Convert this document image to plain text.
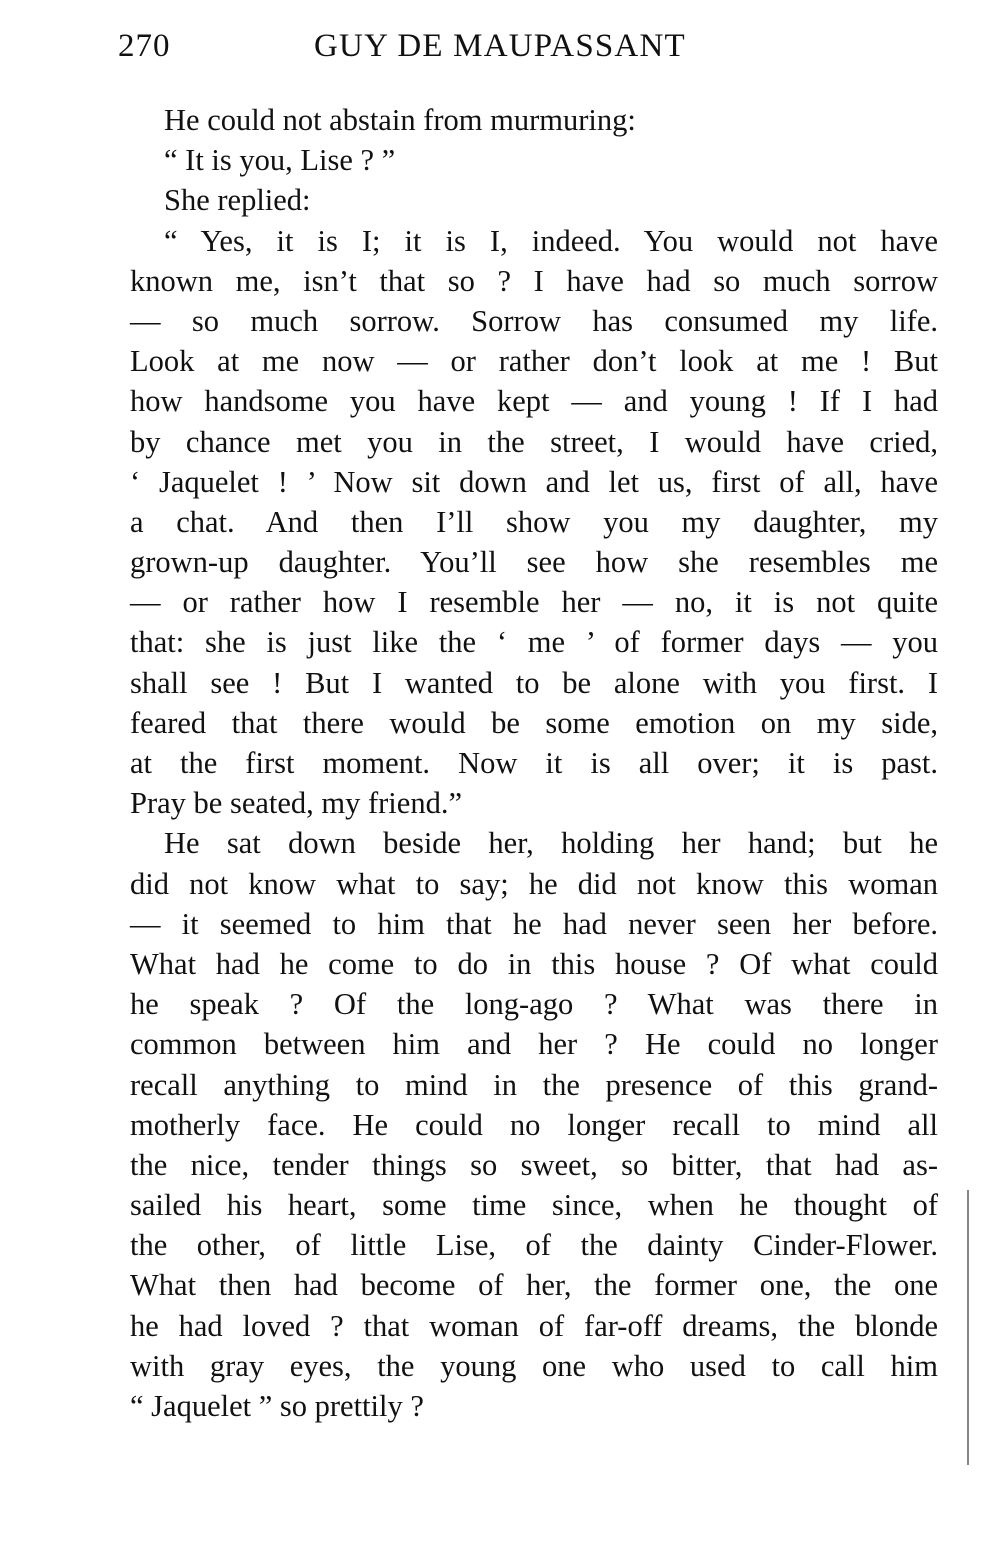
270	GUY DE MAUPASSANT
He could not abstain from murmuring:
“ It is you, Lise ? ”
She replied:
“ Yes, it is I; it is I, indeed. You would not have
known me, isn’t that so ? I have had so much sorrow
— so much sorrow. Sorrow has consumed my life.
Look at me now — or rather don’t look at me ! But
how handsome you have kept — and young ! If I had
by chance met you in the street, I would have cried,
‘ Jaquelet ! ’ Now sit down and let us, first of all, have
a chat. And then I’ll show you my daughter, my
grown-up daughter. You’ll see how she resembles me
— or rather how I resemble her — no, it is not quite
that: she is just like the ‘ me ’ of former days — you
shall see ! But I wanted to be alone with you first. I
feared that there would be some emotion on my side,
at the first moment. Now it is all over; it is past.
Pray be seated, my friend.”
He sat down beside her, holding her hand; but he
did not know what to say; he did not know this woman
— it seemed to him that he had never seen her before.
What had he come to do in this house ? Of what could
he speak ? Of the long-ago ? What was there in
common between him and her ? He could no longer
recall anything to mind in the presence of this grand-
motherly face. He could no longer recall to mind all
the nice, tender things so sweet, so bitter, that had as-
sailed his heart, some time since, when he thought of
the other, of little Lise, of the dainty Cinder-Flower.
What then had become of her, the former one, the one
he had loved ? that woman of far-off dreams, the blonde
with gray eyes, the young one who used to call him
“ Jaquelet ” so prettily ?
